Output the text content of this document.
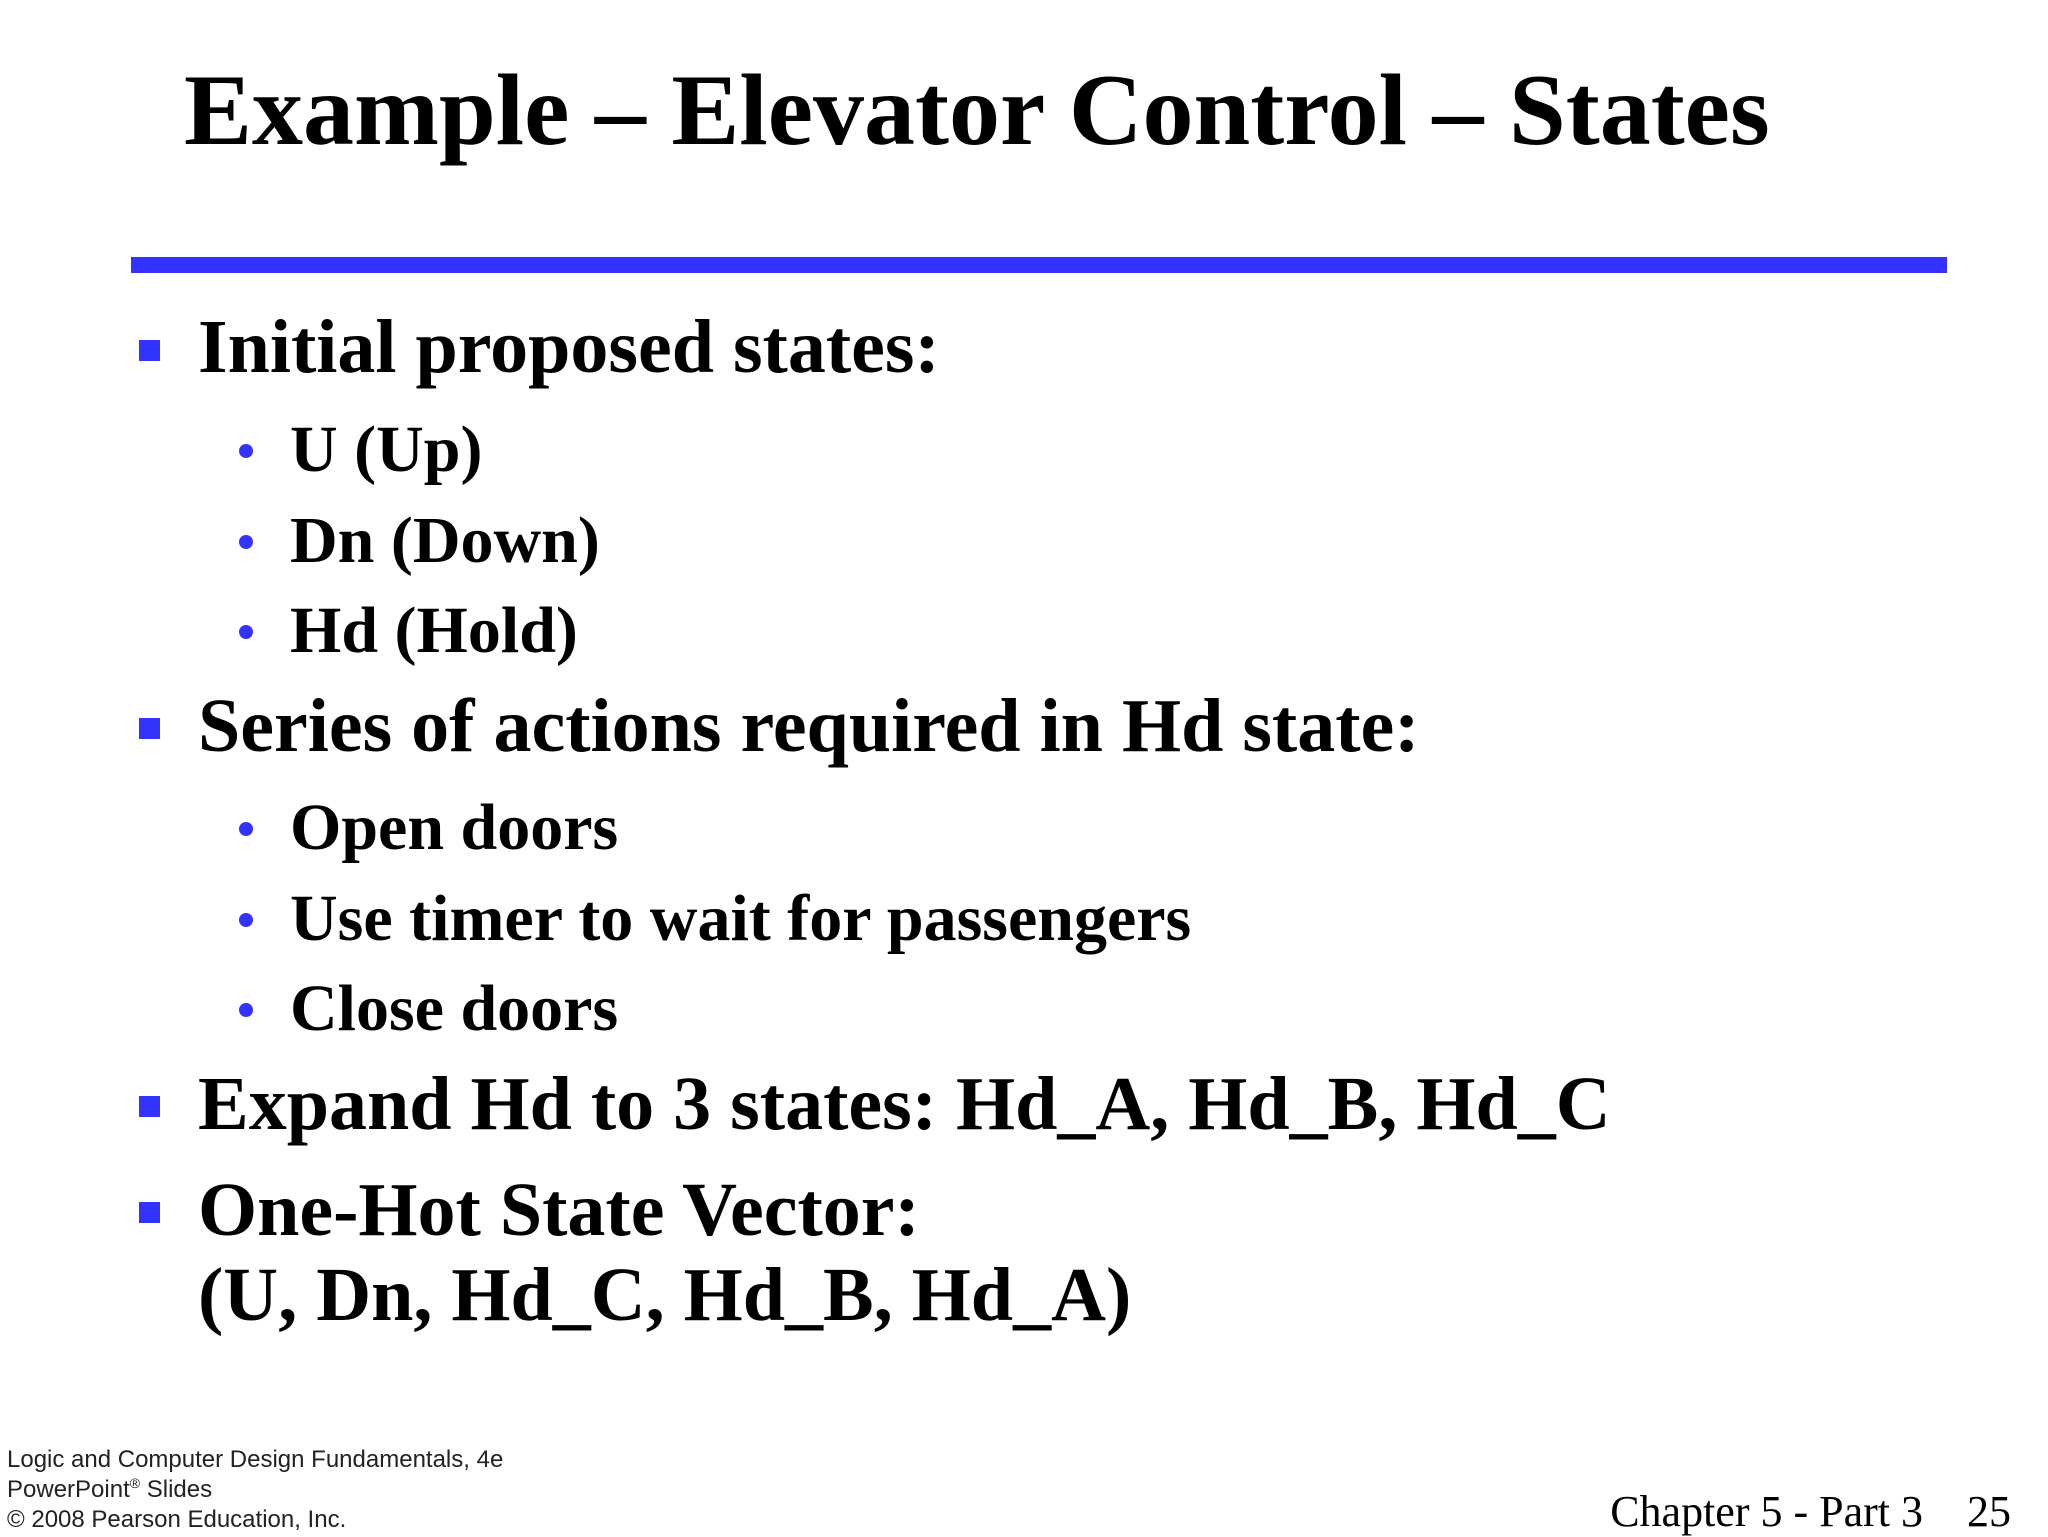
Example – Elevator Control – States
Initial proposed states:
U (Up)
Dn (Down)
Hd (Hold)
Series of actions required in Hd state:
Open doors
Use timer to wait for passengers
Close doors
Expand Hd to 3 states: Hd_A, Hd_B, Hd_C
One-Hot State Vector:
(U, Dn, Hd_C, Hd_B, Hd_A)
Logic and Computer Design Fundamentals, 4e
PowerPoint® Slides
© 2008 Pearson Education, Inc.	Chapter 5 - Part 3 25
